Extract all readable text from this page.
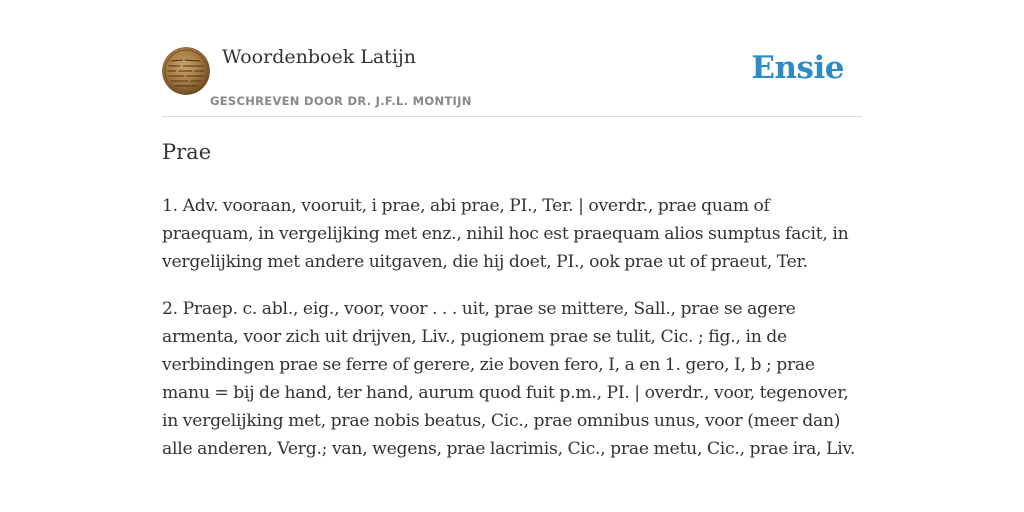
Woordenboek Latijn
GESCHREVEN DOOR DR. J.F.L. MONTIJN
Ensie
Prae

1. Adv. vooraan, vooruit, i prae, abi prae, PI., Ter. | overdr., prae quam of praequam, in vergelijking met enz., nihil hoc est praequam alios sumptus facit, in vergelijking met andere uitgaven, die hij doet, PI., ook prae ut of praeut, Ter.

2. Praep. c. abl., eig., voor, voor . . . uit, prae se mittere, Sall., prae se agere armenta, voor zich uit drijven, Liv., pugionem prae se tulit, Cic. ; fig., in de verbindingen prae se ferre of gerere, zie boven fero, I, a en 1. gero, I, b ; prae manu = bij de hand, ter hand, aurum quod fuit p.m., PI. | overdr., voor, tegenover, in vergelijking met, prae nobis beatus, Cic., prae omnibus unus, voor (meer dan) alle anderen, Verg.; van, wegens, prae lacrimis, Cic., prae metu, Cic., prae ira, Liv.
